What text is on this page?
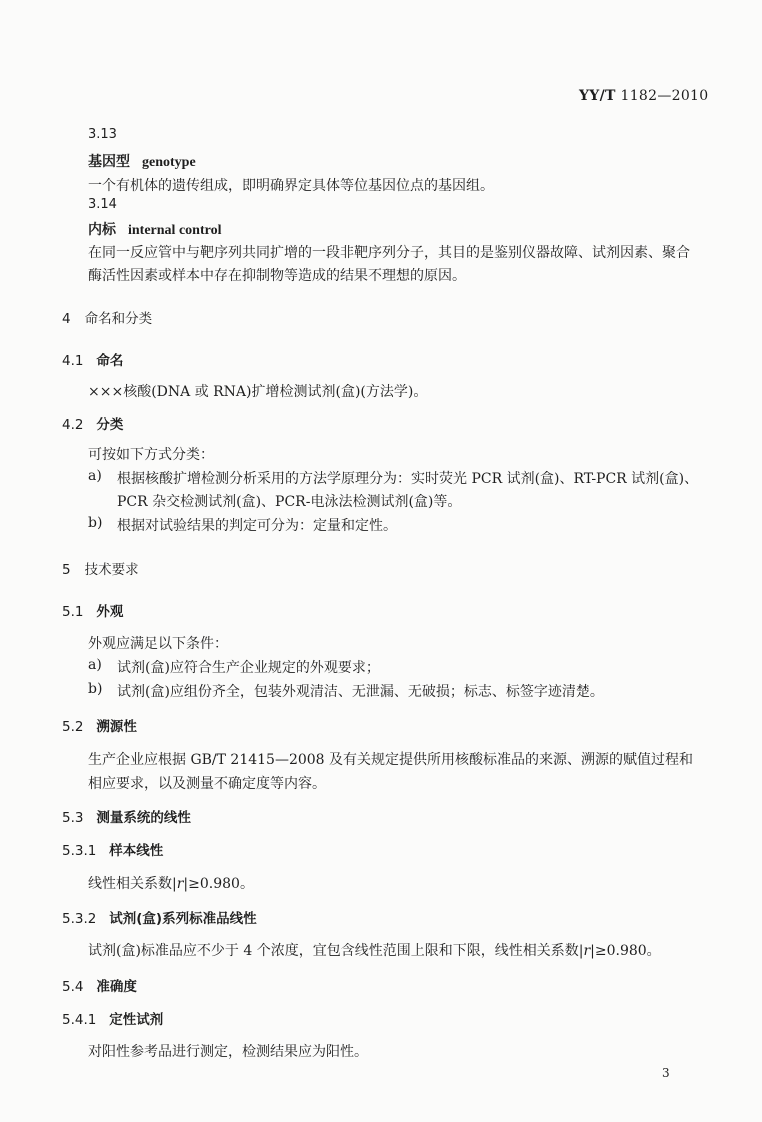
YY/T 1182—2010
3.13
基因型 genotype
一个有机体的遗传组成，即明确界定具体等位基因位点的基因组。
3.14
内标 internal control
在同一反应管中与靶序列共同扩增的一段非靶序列分子，其目的是鉴别仪器故障、试剂因素、聚合
酶活性因素或样本中存在抑制物等造成的结果不理想的原因。
4 命名和分类
4.1 命名
×××核酸(DNA 或 RNA)扩增检测试剂(盒)(方法学)。
4.2 分类
可按如下方式分类：
a) 根据核酸扩增检测分析采用的方法学原理分为：实时荧光 PCR 试剂(盒)、RT-PCR 试剂(盒)、
PCR 杂交检测试剂(盒)、PCR-电泳法检测试剂(盒)等。
b) 根据对试验结果的判定可分为：定量和定性。
5 技术要求
5.1 外观
外观应满足以下条件：
a) 试剂(盒)应符合生产企业规定的外观要求；
b) 试剂(盒)应组份齐全，包装外观清洁、无泄漏、无破损；标志、标签字迹清楚。
5.2 溯源性
生产企业应根据 GB/T 21415—2008 及有关规定提供所用核酸标准品的来源、溯源的赋值过程和
相应要求，以及测量不确定度等内容。
5.3 测量系统的线性
5.3.1 样本线性
线性相关系数|r|≥0.980。
5.3.2 试剂(盒)系列标准品线性
试剂(盒)标准品应不少于 4 个浓度，宜包含线性范围上限和下限，线性相关系数|r|≥0.980。
5.4 准确度
5.4.1 定性试剂
对阳性参考品进行测定，检测结果应为阳性。
3
